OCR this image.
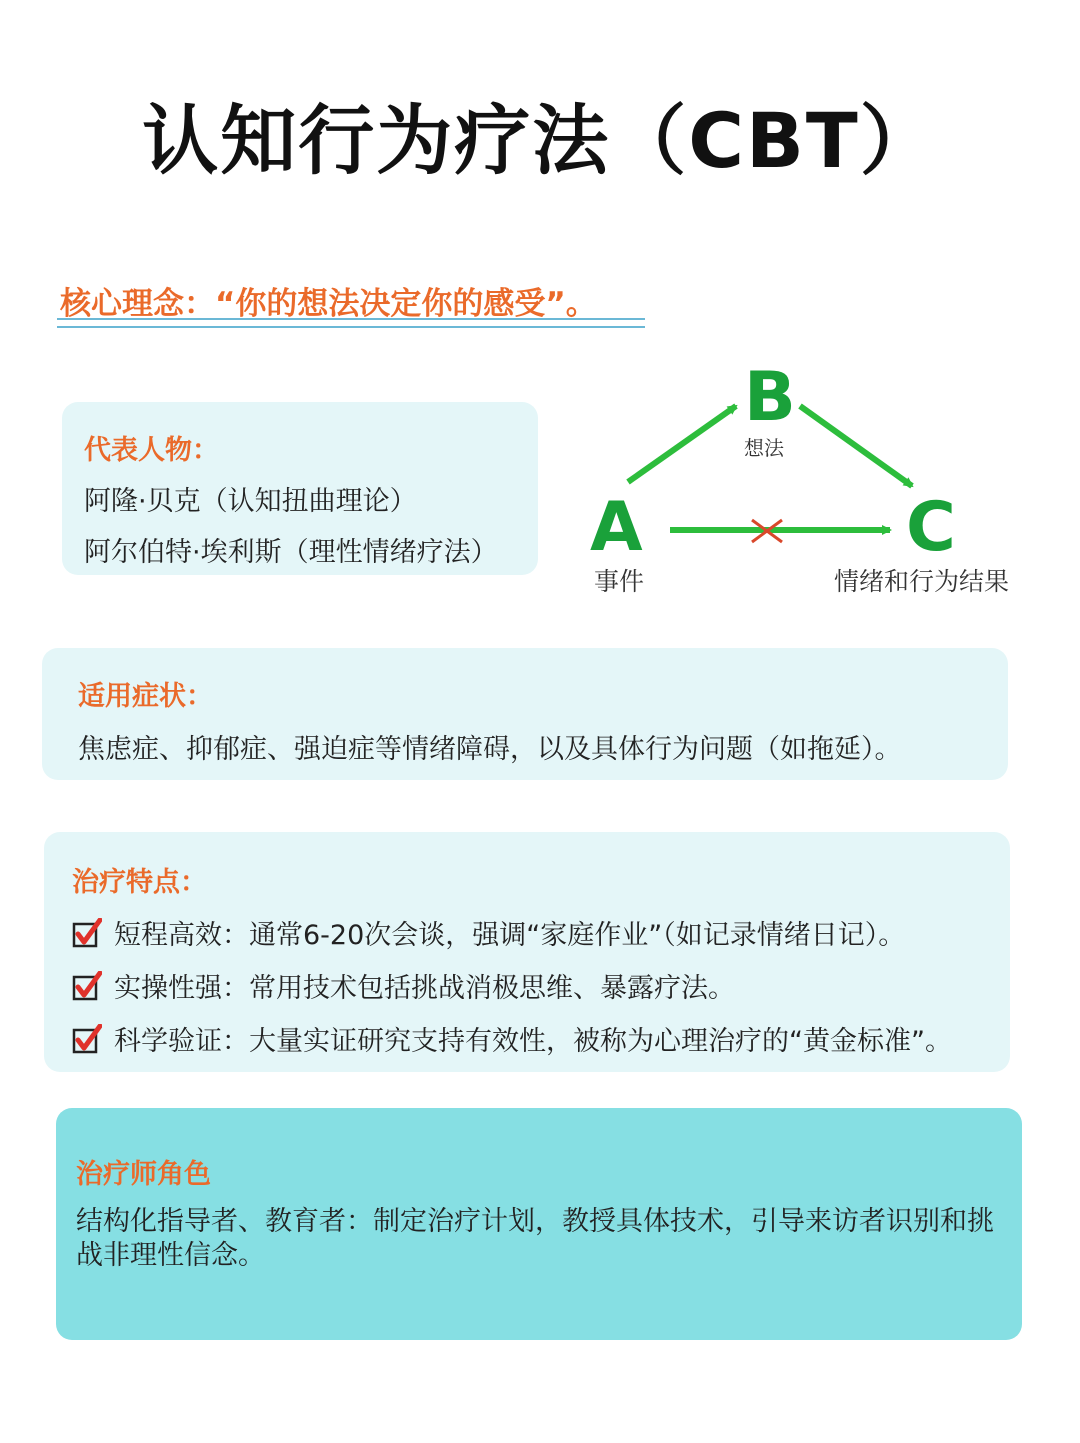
认知行为疗法（CBT）
核心理念：“你的想法决定你的感受”。
代表人物：
阿隆·贝克（认知扭曲理论）
阿尔伯特·埃利斯（理性情绪疗法） A
事件
B
想法
C
情绪和行为结果
适用症状：
焦虑症、抑郁症、强迫症等情绪障碍，以及具体行为问题（如拖延）。
治疗特点：
短程高效：通常6-20次会谈，强调“家庭作业”（如记录情绪日记）。
实操性强：常用技术包括挑战消极思维、暴露疗法。
科学验证：大量实证研究支持有效性，被称为心理治疗的“黄金标准”。
治疗师角色
结构化指导者、教育者：制定治疗计划，教授具体技术，引导来访者识别和挑战非理性信念。
